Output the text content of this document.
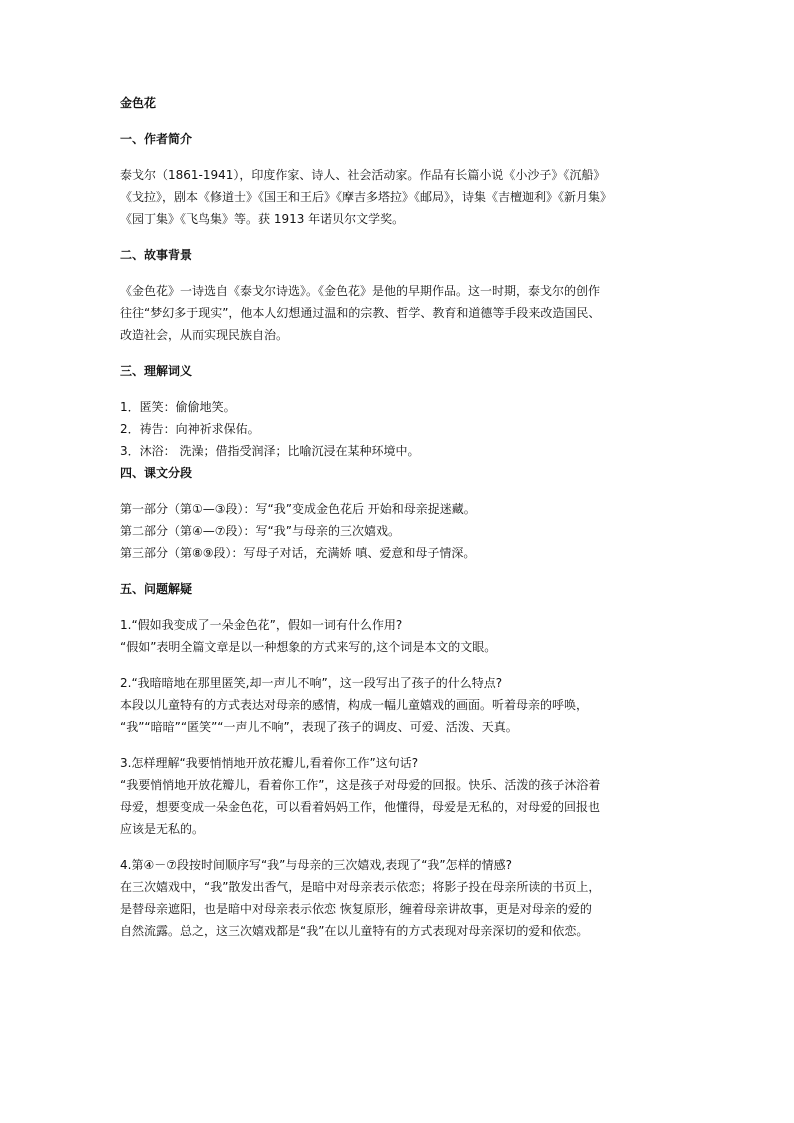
金色花
一、作者简介
泰戈尔（1861-1941），印度作家、诗人、社会活动家。作品有长篇小说《小沙子》《沉船》
《戈拉》，剧本《修道士》《国王和王后》《摩吉多塔拉》《邮局》，诗集《吉檀迦利》《新月集》
《园丁集》《飞鸟集》等。获 1913 年诺贝尔文学奖。
二、故事背景
《金色花》一诗选自《泰戈尔诗选》。《金色花》是他的早期作品。这一时期，泰戈尔的创作
往往“梦幻多于现实”，他本人幻想通过温和的宗教、哲学、教育和道德等手段来改造国民、
改造社会，从而实现民族自治。
三、理解词义
1．匿笑：偷偷地笑。
2．祷告：向神祈求保佑。
3．沐浴： 洗澡；借指受润泽；比喻沉浸在某种环境中。
四、课文分段
第一部分（第①—③段）：写“我”变成金色花后 开始和母亲捉迷藏。
第二部分（第④—⑦段）：写“我”与母亲的三次嬉戏。
第三部分（第⑧⑨段）：写母子对话，充满娇 嗔、爱意和母子情深。
五、问题解疑
1.“假如我变成了一朵金色花”，假如一词有什么作用?
“假如”表明全篇文章是以一种想象的方式来写的,这个词是本文的文眼。
2.“我暗暗地在那里匿笑,却一声儿不响”，这一段写出了孩子的什么特点?
本段以儿童特有的方式表达对母亲的感情，构成一幅儿童嬉戏的画面。听着母亲的呼唤，
“我”“暗暗”“匿笑”“一声儿不响”，表现了孩子的调皮、可爱、活泼、天真。
3.怎样理解“我要悄悄地开放花瓣儿,看着你工作”这句话?
“我要悄悄地开放花瓣儿，看着你工作”，这是孩子对母爱的回报。快乐、活泼的孩子沐浴着
母爱，想要变成一朵金色花，可以看着妈妈工作，他懂得，母爱是无私的，对母爱的回报也
应该是无私的。
4.第④－⑦段按时间顺序写“我”与母亲的三次嬉戏,表现了“我”怎样的情感?
在三次嬉戏中，“我”散发出香气，是暗中对母亲表示依恋；将影子投在母亲所读的书页上，
是替母亲遮阳，也是暗中对母亲表示依恋 恢复原形，缠着母亲讲故事，更是对母亲的爱的
自然流露。总之，这三次嬉戏都是“我”在以儿童特有的方式表现对母亲深切的爱和依恋。
